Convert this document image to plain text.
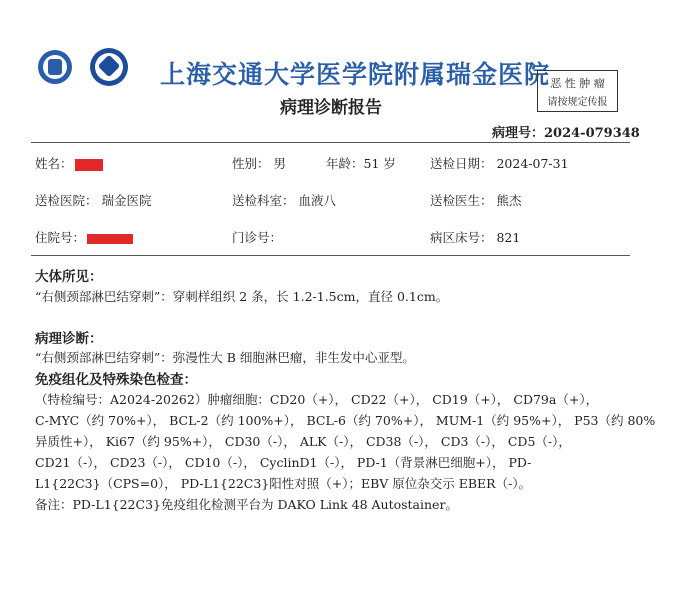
上海交通大学医学院附属瑞金医院
病理诊断报告
恶 性 肿 瘤
请按规定传报
病理号：2024-079348
姓名：	性别： 男	年龄：51 岁	送检日期： 2024-07-31
送检医院： 瑞金医院	送检科室： 血液八	送检医生： 熊杰
住院号：	门诊号：	病区床号： 821
大体所见：
“右侧颈部淋巴结穿刺”：穿刺样组织 2 条，长 1.2-1.5cm，直径 0.1cm。
病理诊断：
“右侧颈部淋巴结穿刺”：弥漫性大 B 细胞淋巴瘤，非生发中心亚型。
免疫组化及特殊染色检查：
（特检编号：A2024-20262）肿瘤细胞：CD20（+）， CD22（+）， CD19（+）， CD79a（+），
C-MYC（约 70%+）， BCL-2（约 100%+）， BCL-6（约 70%+）， MUM-1（约 95%+）， P53（约 80%
异质性+）， Ki67（约 95%+）， CD30（-）， ALK（-）， CD38（-）， CD3（-）， CD5（-），
CD21（-）， CD23（-）， CD10（-）， CyclinD1（-）， PD-1（背景淋巴细胞+）， PD-
L1{22C3}（CPS=0）， PD-L1{22C3}阳性对照（+）；EBV 原位杂交示 EBER（-）。
备注：PD-L1{22C3}免疫组化检测平台为 DAKO Link 48 Autostainer。
